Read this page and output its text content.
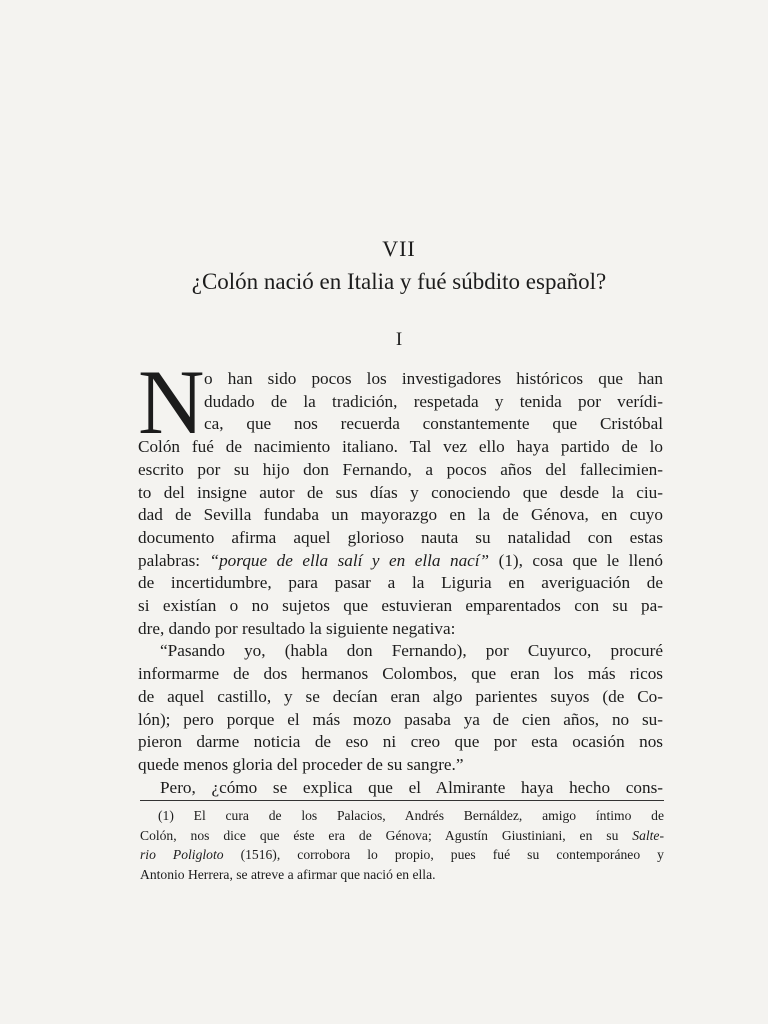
VII
¿Colón nació en Italia y fué súbdito español?
I
N o han sido pocos los investigadores históricos que han
dudado de la tradición, respetada y tenida por verídi-
ca, que nos recuerda constantemente que Cristóbal
Colón fué de nacimiento italiano. Tal vez ello haya partido de lo
escrito por su hijo don Fernando, a pocos años del fallecimien-
to del insigne autor de sus días y conociendo que desde la ciu-
dad de Sevilla fundaba un mayorazgo en la de Génova, en cuyo
documento afirma aquel glorioso nauta su natalidad con estas
palabras: “porque de ella salí y en ella nací” (1), cosa que le llenó
de incertidumbre, para pasar a la Liguria en averiguación de
si existían o no sujetos que estuvieran emparentados con su pa-
dre, dando por resultado la siguiente negativa:
“Pasando yo, (habla don Fernando), por Cuyurco, procuré
informarme de dos hermanos Colombos, que eran los más ricos
de aquel castillo, y se decían eran algo parientes suyos (de Co-
lón); pero porque el más mozo pasaba ya de cien años, no su-
pieron darme noticia de eso ni creo que por esta ocasión nos
quede menos gloria del proceder de su sangre.”
Pero, ¿cómo se explica que el Almirante haya hecho cons-
(1) El cura de los Palacios, Andrés Bernáldez, amigo íntimo de
Colón, nos dice que éste era de Génova; Agustín Giustiniani, en su Salte-
rio Poligloto (1516), corrobora lo propio, pues fué su contemporáneo y
Antonio Herrera, se atreve a afirmar que nació en ella.
